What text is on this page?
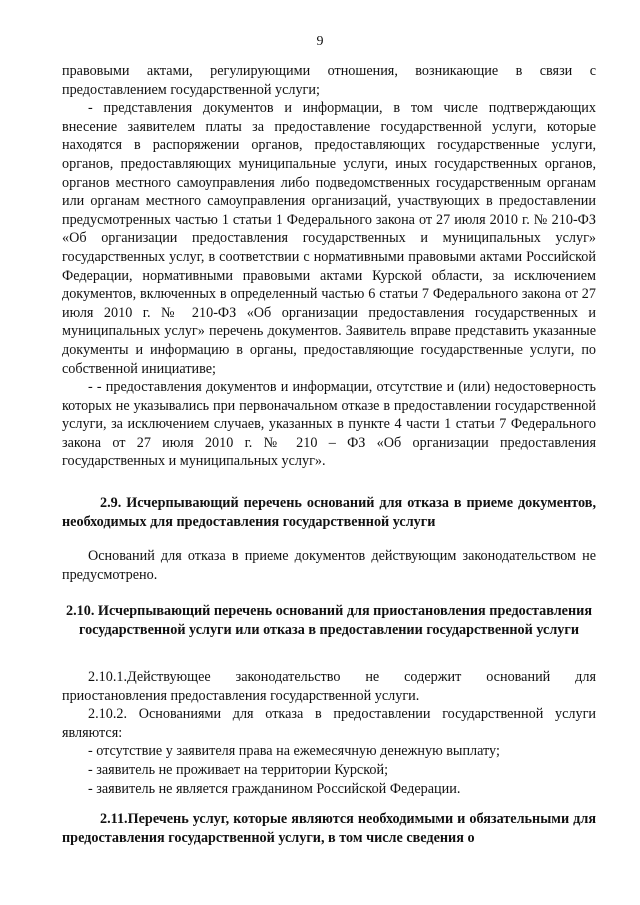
9

правовыми актами, регулирующими отношения, возникающие в связи с предоставлением государственной услуги;

- представления документов и информации, в том числе подтверждающих внесение заявителем платы за предоставление государственной услуги, которые находятся в распоряжении органов, предоставляющих государственные услуги, органов, предоставляющих муниципальные услуги, иных государственных органов, органов местного самоуправления либо подведомственных государственным органам или органам местного самоуправления организаций, участвующих в предоставлении предусмотренных частью 1 статьи 1 Федерального закона от 27 июля 2010 г. № 210-ФЗ «Об организации предоставления государственных и муниципальных услуг» государственных услуг, в соответствии с нормативными правовыми актами Российской Федерации, нормативными правовыми актами Курской области, за исключением документов, включенных в определенный частью 6 статьи 7 Федерального закона от 27 июля 2010 г. № 210-ФЗ «Об организации предоставления государственных и муниципальных услуг» перечень документов. Заявитель вправе представить указанные документы и информацию в органы, предоставляющие государственные услуги, по собственной инициативе;

- - предоставления документов и информации, отсутствие и (или) недостоверность которых не указывались при первоначальном отказе в предоставлении государственной услуги, за исключением случаев, указанных в пункте 4 части 1 статьи 7 Федерального закона от 27 июля 2010 г. № 210 – ФЗ «Об организации предоставления государственных и муниципальных услуг».

2.9. Исчерпывающий перечень оснований для отказа в приеме документов, необходимых для предоставления государственной услуги

Оснований для отказа в приеме документов действующим законодательством не предусмотрено.

2.10. Исчерпывающий перечень оснований для приостановления предоставления государственной услуги или отказа в предоставлении государственной услуги

2.10.1.Действующее законодательство не содержит оснований для приостановления предоставления государственной услуги.

2.10.2. Основаниями для отказа в предоставлении государственной услуги являются:

- отсутствие у заявителя права на ежемесячную денежную выплату;

- заявитель не проживает на территории Курской;

- заявитель не является гражданином Российской Федерации.

2.11.Перечень услуг, которые являются необходимыми и обязательными для предоставления государственной услуги, в том числе сведения о
